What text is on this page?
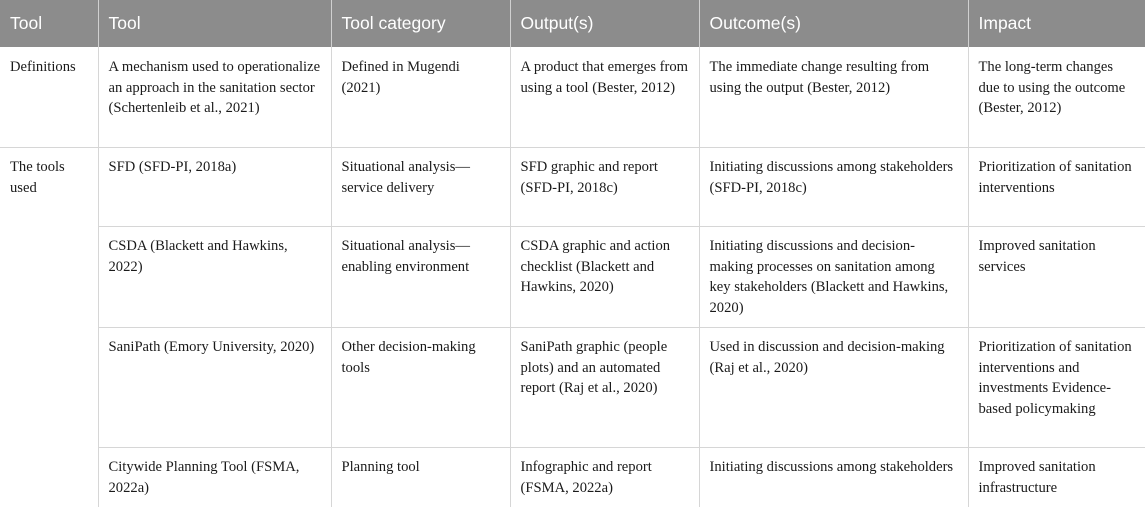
Tool	Tool	Tool category	Output(s)	Outcome(s)	Impact
Definitions	A mechanism used to operationalize an approach in the sanitation sector (Schertenleib et al., 2021)	Defined in Mugendi (2021)	A product that emerges from using a tool (Bester, 2012)	The immediate change resulting from using the output (Bester, 2012)	The long-term changes due to using the outcome (Bester, 2012)
The tools used	SFD (SFD-PI, 2018a)	Situational analysis—service delivery	SFD graphic and report (SFD-PI, 2018c)	Initiating discussions among stakeholders (SFD-PI, 2018c)	Prioritization of sanitation interventions
	CSDA (Blackett and Hawkins, 2022)	Situational analysis—enabling environment	CSDA graphic and action checklist (Blackett and Hawkins, 2020)	Initiating discussions and decision-making processes on sanitation among key stakeholders (Blackett and Hawkins, 2020)	Improved sanitation services
	SaniPath (Emory University, 2020)	Other decision-making tools	SaniPath graphic (people plots) and an automated report (Raj et al., 2020)	Used in discussion and decision-making (Raj et al., 2020)	Prioritization of sanitation interventions and investments Evidence-based policymaking
	Citywide Planning Tool (FSMA, 2022a)	Planning tool	Infographic and report (FSMA, 2022a)	Initiating discussions among stakeholders	Improved sanitation infrastructure
